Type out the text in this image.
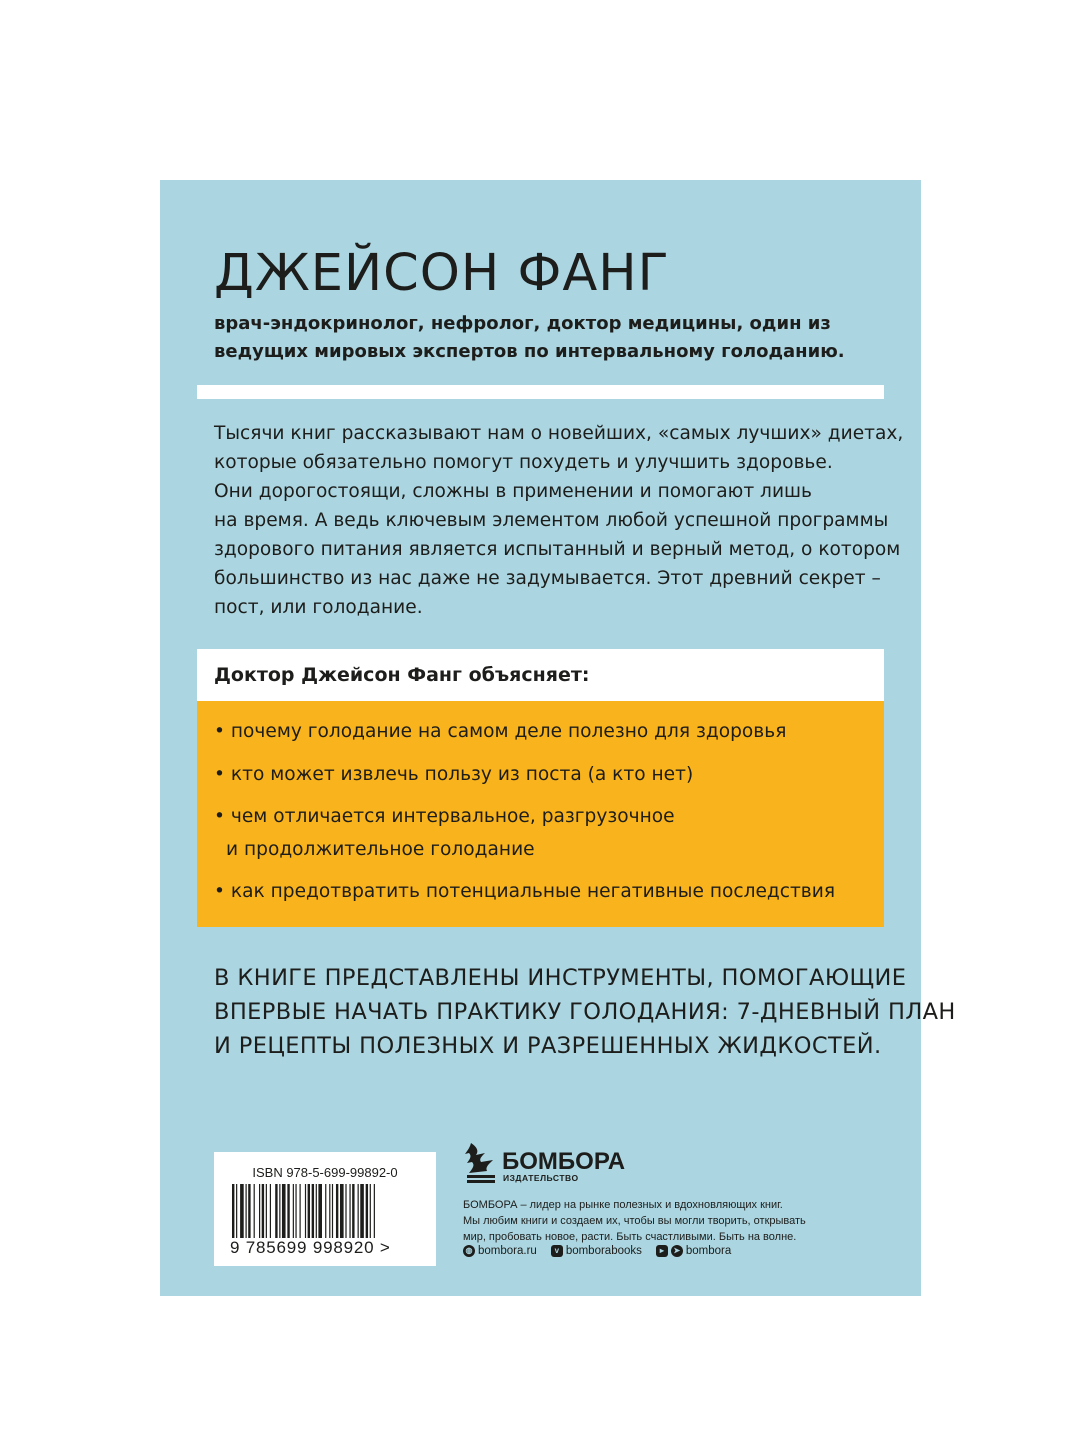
ДЖЕЙСОН ФАНГ

врач-эндокринолог, нефролог, доктор медицины, один из ведущих мировых экспертов по интервальному голоданию.

Тысячи книг рассказывают нам о новейших, «самых лучших» диетах,
которые обязательно помогут похудеть и улучшить здоровье.
Они дорогостоящи, сложны в применении и помогают лишь
на время. А ведь ключевым элементом любой успешной программы
здорового питания является испытанный и верный метод, о котором
большинство из нас даже не задумывается. Этот древний секрет –
пост, или голодание.

Доктор Джейсон Фанг объясняет:
• почему голодание на самом деле полезно для здоровья
• кто может извлечь пользу из поста (а кто нет)
• чем отличается интервальное, разгрузочное
и продолжительное голодание
• как предотвратить потенциальные негативные последствия

В КНИГЕ ПРЕДСТАВЛЕНЫ ИНСТРУМЕНТЫ, ПОМОГАЮЩИЕ
ВПЕРВЫЕ НАЧАТЬ ПРАКТИКУ ГОЛОДАНИЯ: 7-ДНЕВНЫЙ ПЛАН
И РЕЦЕПТЫ ПОЛЕЗНЫХ И РАЗРЕШЕННЫХ ЖИДКОСТЕЙ.

ISBN 978-5-699-99892-0
9 785699 998920 >
БОМБОРА
ИЗДАТЕЛЬСТВО

БОМБОРА – лидер на рынке полезных и вдохновляющих книг.
Мы любим книги и создаем их, чтобы вы могли творить, открывать
мир, пробовать новое, расти. Быть счастливыми. Быть на волне.

◍ bombora.ru	v bomborabooks	▸	➤ bombora
